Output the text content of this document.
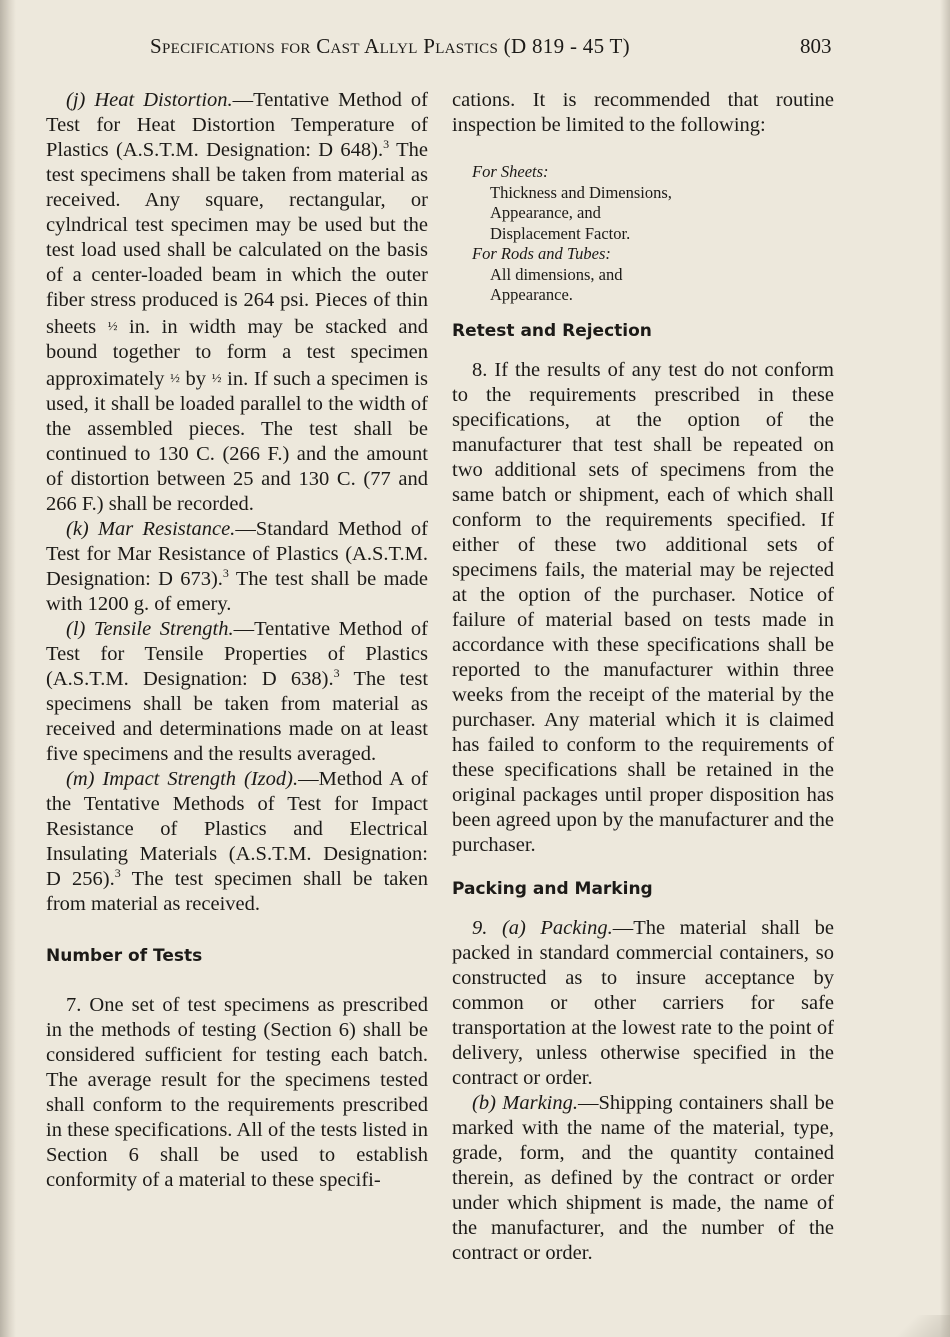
Specifications for Cast Allyl Plastics (D 819 - 45 T)	803

(j) Heat Distortion.—Tentative Method of Test for Heat Distortion Temperature of Plastics (A.S.T.M. Designation: D 648).$^3$ The test specimens shall be taken from material as received. Any square, rectangular, or cylndrical test specimen may be used but the test load used shall be calculated on the basis of a center-loaded beam in which the outer fiber stress produced is 264 psi. Pieces of thin sheets ½ in. in width may be stacked and bound together to form a test specimen approximately ½ by ½ in. If such a specimen is used, it shall be loaded parallel to the width of the assembled pieces. The test shall be continued to 130 C. (266 F.) and the amount of distortion between 25 and 130 C. (77 and 266 F.) shall be recorded.

(k) Mar Resistance.—Standard Method of Test for Mar Resistance of Plastics (A.S.T.M. Designation: D 673).$^3$ The test shall be made with 1200 g. of emery.

(l) Tensile Strength.—Tentative Method of Test for Tensile Properties of Plastics (A.S.T.M. Designation: D 638).$^3$ The test specimens shall be taken from material as received and determinations made on at least five specimens and the results averaged.

(m) Impact Strength (Izod).—Method A of the Tentative Methods of Test for Impact Resistance of Plastics and Electrical Insulating Materials (A.S.T.M. Designation: D 256).$^3$ The test specimen shall be taken from material as received.

Number of Tests

7. One set of test specimens as prescribed in the methods of testing (Section 6) shall be considered sufficient for testing each batch. The average result for the specimens tested shall conform to the requirements prescribed in these specifications. All of the tests listed in Section 6 shall be used to establish conformity of a material to these specifi-

cations. It is recommended that routine inspection be limited to the following:

For Sheets:
Thickness and Dimensions,
Appearance, and
Displacement Factor.
For Rods and Tubes:
All dimensions, and
Appearance.
Retest and Rejection

8. If the results of any test do not conform to the requirements prescribed in these specifications, at the option of the manufacturer that test shall be repeated on two additional sets of specimens from the same batch or shipment, each of which shall conform to the requirements specified. If either of these two additional sets of specimens fails, the material may be rejected at the option of the purchaser. Notice of failure of material based on tests made in accordance with these specifications shall be reported to the manufacturer within three weeks from the receipt of the material by the purchaser. Any material which it is claimed has failed to conform to the requirements of these specifications shall be retained in the original packages until proper disposition has been agreed upon by the manufacturer and the purchaser.

Packing and Marking

9. (a) Packing.—The material shall be packed in standard commercial containers, so constructed as to insure acceptance by common or other carriers for safe transportation at the lowest rate to the point of delivery, unless otherwise specified in the contract or order.

(b) Marking.—Shipping containers shall be marked with the name of the material, type, grade, form, and the quantity contained therein, as defined by the contract or order under which shipment is made, the name of the manufacturer, and the number of the contract or order.
